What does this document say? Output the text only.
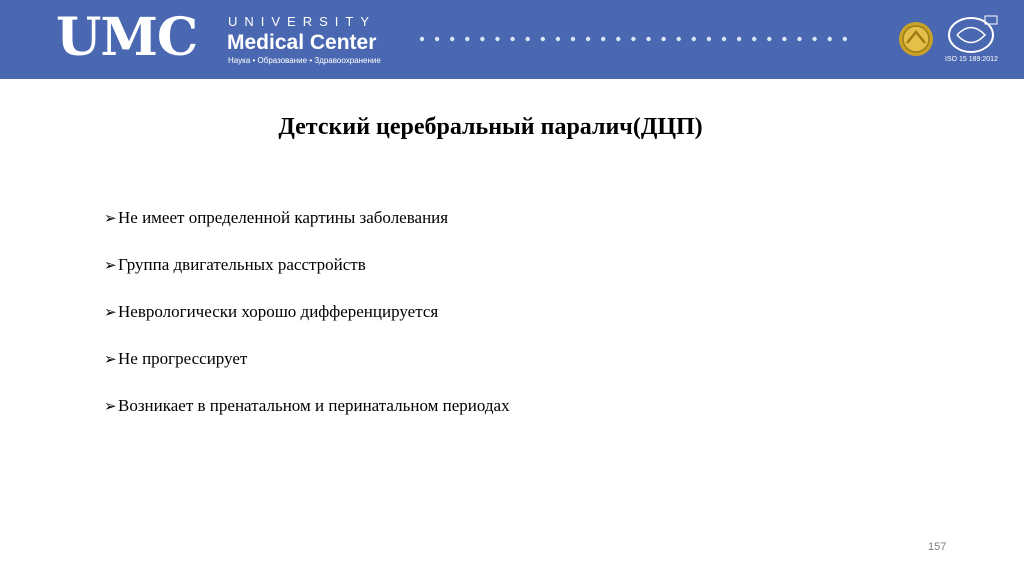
UMC UNIVERSITY
Medical Center
Наука • Образование • Здравоохранение	ISO 15 189:2012
Детский церебральный паралич(ДЦП)
➢Не имеет определенной картины заболевания
➢Группа двигательных расстройств
➢Неврологически хорошо дифференцируется
➢Не прогрессирует
➢Возникает в пренатальном и перинатальном периодах
157
